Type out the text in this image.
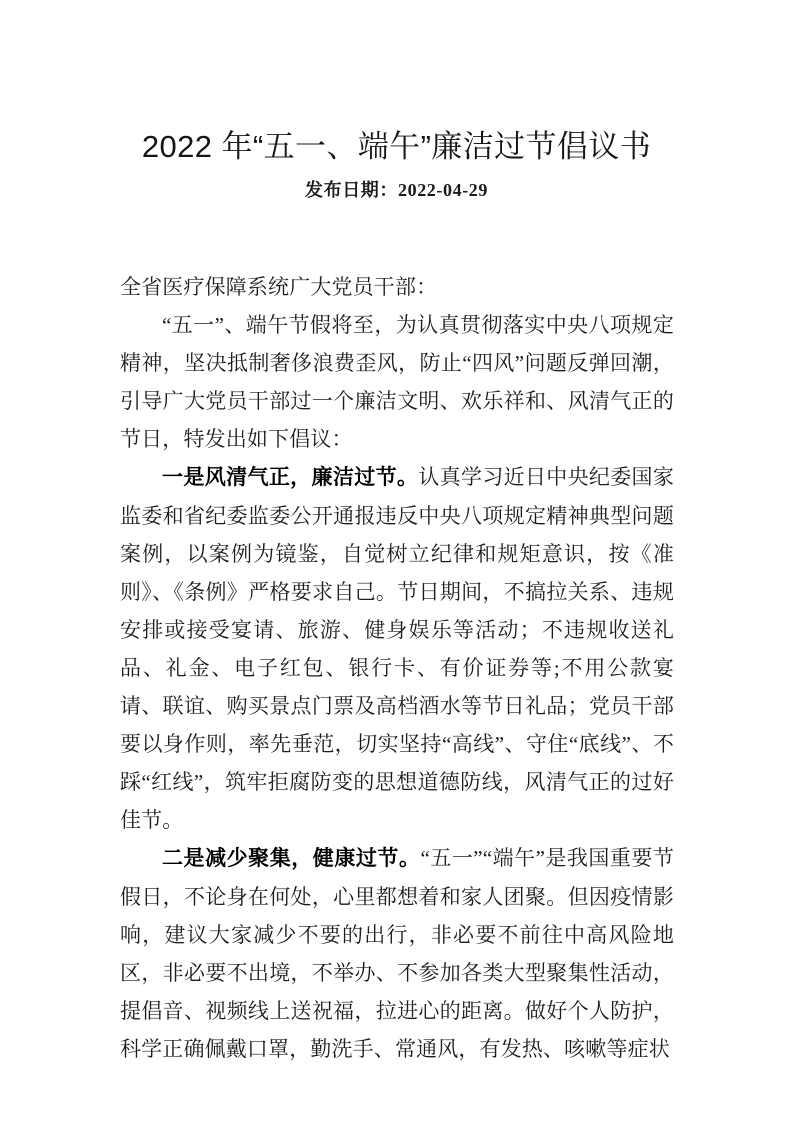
2022 年“五一、端午”廉洁过节倡议书
发布日期：2022-04-29

全省医疗保障系统广大党员干部：

“五一”、端午节假将至，为认真贯彻落实中央八项规定精神，坚决抵制奢侈浪费歪风，防止“四风”问题反弹回潮，引导广大党员干部过一个廉洁文明、欢乐祥和、风清气正的节日，特发出如下倡议：

一是风清气正，廉洁过节。认真学习近日中央纪委国家监委和省纪委监委公开通报违反中央八项规定精神典型问题案例，以案例为镜鉴，自觉树立纪律和规矩意识，按《准则》、《条例》严格要求自己。节日期间，不搞拉关系、违规安排或接受宴请、旅游、健身娱乐等活动；不违规收送礼品、礼金、电子红包、银行卡、有价证券等;不用公款宴请、联谊、购买景点门票及高档酒水等节日礼品；党员干部要以身作则，率先垂范，切实坚持“高线”、守住“底线”、不踩“红线”，筑牢拒腐防变的思想道德防线，风清气正的过好佳节。

二是减少聚集，健康过节。“五一”“端午”是我国重要节假日，不论身在何处，心里都想着和家人团聚。但因疫情影响，建议大家减少不要的出行，非必要不前往中高风险地区，非必要不出境，不举办、不参加各类大型聚集性活动，提倡音、视频线上送祝福，拉进心的距离。做好个人防护，科学正确佩戴口罩，勤洗手、常通风，有发热、咳嗽等症状
